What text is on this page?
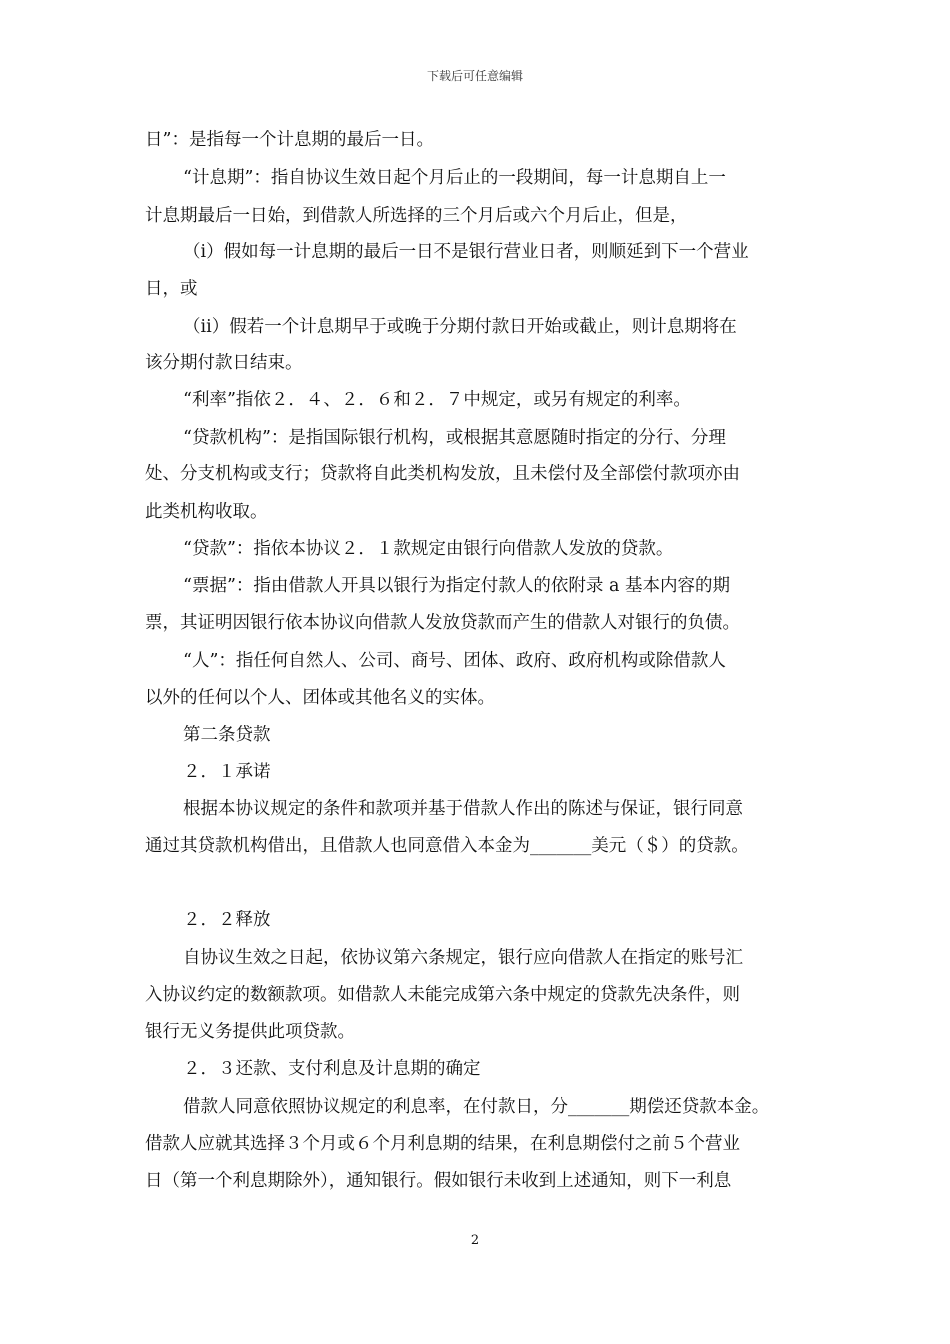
下载后可任意编辑
日”：是指每一个计息期的最后一日。
“计息期”：指自协议生效日起个月后止的一段期间，每一计息期自上一
计息期最后一日始，到借款人所选择的三个月后或六个月后止，但是，
（i）假如每一计息期的最后一日不是银行营业日者，则顺延到下一个营业
日，或
（ii）假若一个计息期早于或晚于分期付款日开始或截止，则计息期将在
该分期付款日结束。
“利率”指依２．４、２．６和２．７中规定，或另有规定的利率。
“贷款机构”：是指国际银行机构，或根据其意愿随时指定的分行、分理
处、分支机构或支行；贷款将自此类机构发放，且未偿付及全部偿付款项亦由
此类机构收取。
“贷款”：指依本协议２．１款规定由银行向借款人发放的贷款。
“票据”：指由借款人开具以银行为指定付款人的依附录 a 基本内容的期
票，其证明因银行依本协议向借款人发放贷款而产生的借款人对银行的负债。
“人”：指任何自然人、公司、商号、团体、政府、政府机构或除借款人
以外的任何以个人、团体或其他名义的实体。
第二条贷款
２．１承诺
根据本协议规定的条件和款项并基于借款人作出的陈述与保证，银行同意
通过其贷款机构借出，且借款人也同意借入本金为_______美元（＄）的贷款。
２．２释放
自协议生效之日起，依协议第六条规定，银行应向借款人在指定的账号汇
入协议约定的数额款项。如借款人未能完成第六条中规定的贷款先决条件，则
银行无义务提供此项贷款。
２．３还款、支付利息及计息期的确定
借款人同意依照协议规定的利息率，在付款日，分_______期偿还贷款本金。
借款人应就其选择３个月或６个月利息期的结果，在利息期偿付之前５个营业
日（第一个利息期除外），通知银行。假如银行未收到上述通知，则下一利息
2
